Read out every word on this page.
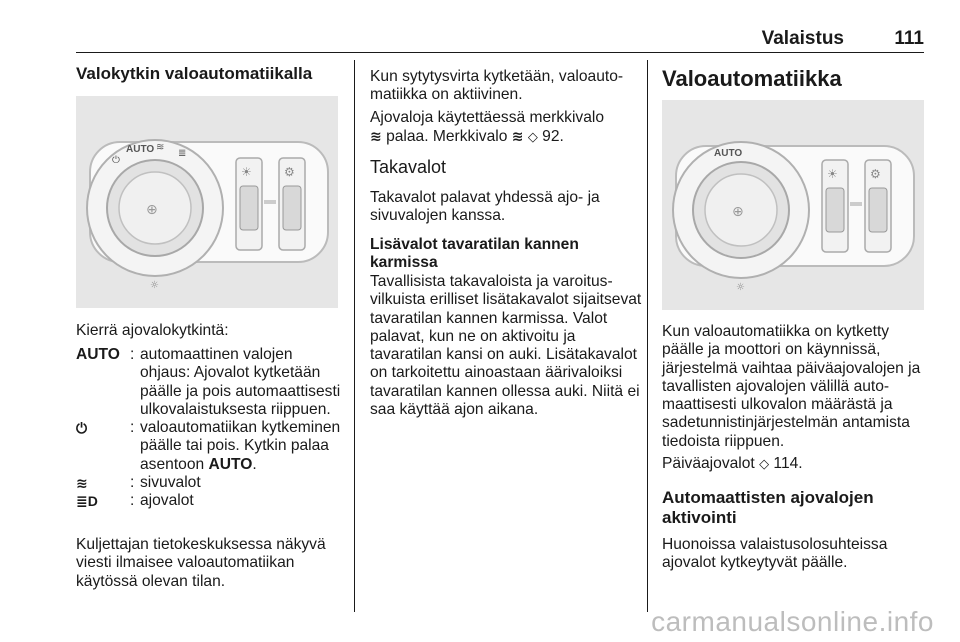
Valaistus	111
Valokytkin valoautomatiikalla
⊕
⏻
AUTO ≋
≣
☼
☀	⚙
Kierrä ajovalokytkintä:
AUTO : automaattinen valojen ohjaus: Ajovalot kytketään päälle ja pois automaattisesti ulkovalaistuksesta riippuen.
⏻	: valoautomatiikan kytkeminen päälle tai pois. Kytkin palaa asentoon AUTO.
≋	: sivuvalot
≣D : ajovalot
Kuljettajan tietokeskuksessa näkyvä viesti ilmaisee valoautomatiikan käytössä olevan tilan.
Kun sytytysvirta kytketään, valoautomatiikka on aktiivinen.
Ajovaloja käytettäessä merkkivalo
≋ palaa. Merkkivalo ≋ ◇ 92.
Takavalot
Takavalot palavat yhdessä ajo- ja sivuvalojen kanssa.
Lisävalot tavaratilan kannen karmissa
Tavallisista takavaloista ja varoitusvilkuista erilliset lisätakavalot sijaitsevat tavaratilan kannen karmissa. Valot palavat, kun ne on aktivoitu ja tavaratilan kansi on auki. Lisätakavalot on tarkoitettu ainoastaan äärivaloiksi tavaratilan kannen ollessa auki. Niitä ei saa käyttää ajon aikana.
Valoautomatiikka
⊕
AUTO
☼
☀	⚙
Kun valoautomatiikka on kytketty päälle ja moottori on käynnissä, järjestelmä vaihtaa päiväajovalojen ja tavallisten ajovalojen välillä automaattisesti ulkovalon määrästä ja sadetunnistinjärjestelmän antamista tiedoista riippuen.
Päiväajovalot ◇ 114.
Automaattisten ajovalojen aktivointi
Huonoissa valaistusolosuhteissa ajovalot kytkeytyvät päälle.
carmanualsonline.info
